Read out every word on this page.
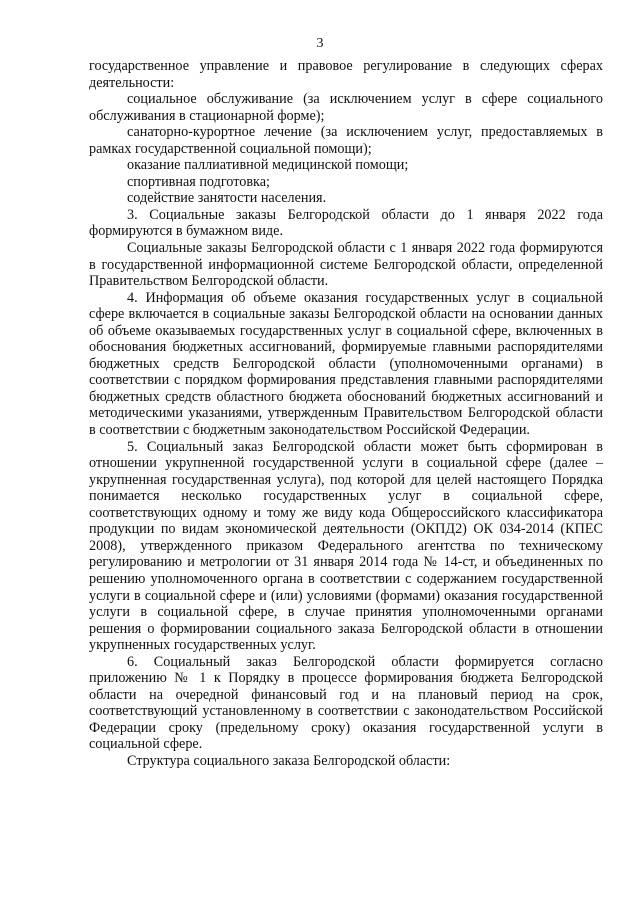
3

государственное управление и правовое регулирование в следующих сферах деятельности:

социальное обслуживание (за исключением услуг в сфере социального обслуживания в стационарной форме);

санаторно-курортное лечение (за исключением услуг, предоставляемых в рамках государственной социальной помощи);

оказание паллиативной медицинской помощи;

спортивная подготовка;

содействие занятости населения.

3. Социальные заказы Белгородской области до 1 января 2022 года формируются в бумажном виде.

Социальные заказы Белгородской области с 1 января 2022 года формируются в государственной информационной системе Белгородской области, определенной Правительством Белгородской области.

4. Информация об объеме оказания государственных услуг в социальной сфере включается в социальные заказы Белгородской области на основании данных об объеме оказываемых государственных услуг в социальной сфере, включенных в обоснования бюджетных ассигнований, формируемые главными распорядителями бюджетных средств Белгородской области (уполномоченными органами) в соответствии с порядком формирования представления главными распорядителями бюджетных средств областного бюджета обоснований бюджетных ассигнований и методическими указаниями, утвержденным Правительством Белгородской области в соответствии с бюджетным законодательством Российской Федерации.

5. Социальный заказ Белгородской области может быть сформирован в отношении укрупненной государственной услуги в социальной сфере (далее – укрупненная государственная услуга), под которой для целей настоящего Порядка понимается несколько государственных услуг в социальной сфере, соответствующих одному и тому же виду кода Общероссийского классификатора продукции по видам экономической деятельности (ОКПД2) ОК 034-2014 (КПЕС 2008), утвержденного приказом Федерального агентства по техническому регулированию и метрологии от 31 января 2014 года № 14-ст, и объединенных по решению уполномоченного органа в соответствии с содержанием государственной услуги в социальной сфере и (или) условиями (формами) оказания государственной услуги в социальной сфере, в случае принятия уполномоченными органами решения о формировании социального заказа Белгородской области в отношении укрупненных государственных услуг.

6. Социальный заказ Белгородской области формируется согласно приложению № 1 к Порядку в процессе формирования бюджета Белгородской области на очередной финансовый год и на плановый период на срок, соответствующий установленному в соответствии с законодательством Российской Федерации сроку (предельному сроку) оказания государственной услуги в социальной сфере.

Структура социального заказа Белгородской области:
